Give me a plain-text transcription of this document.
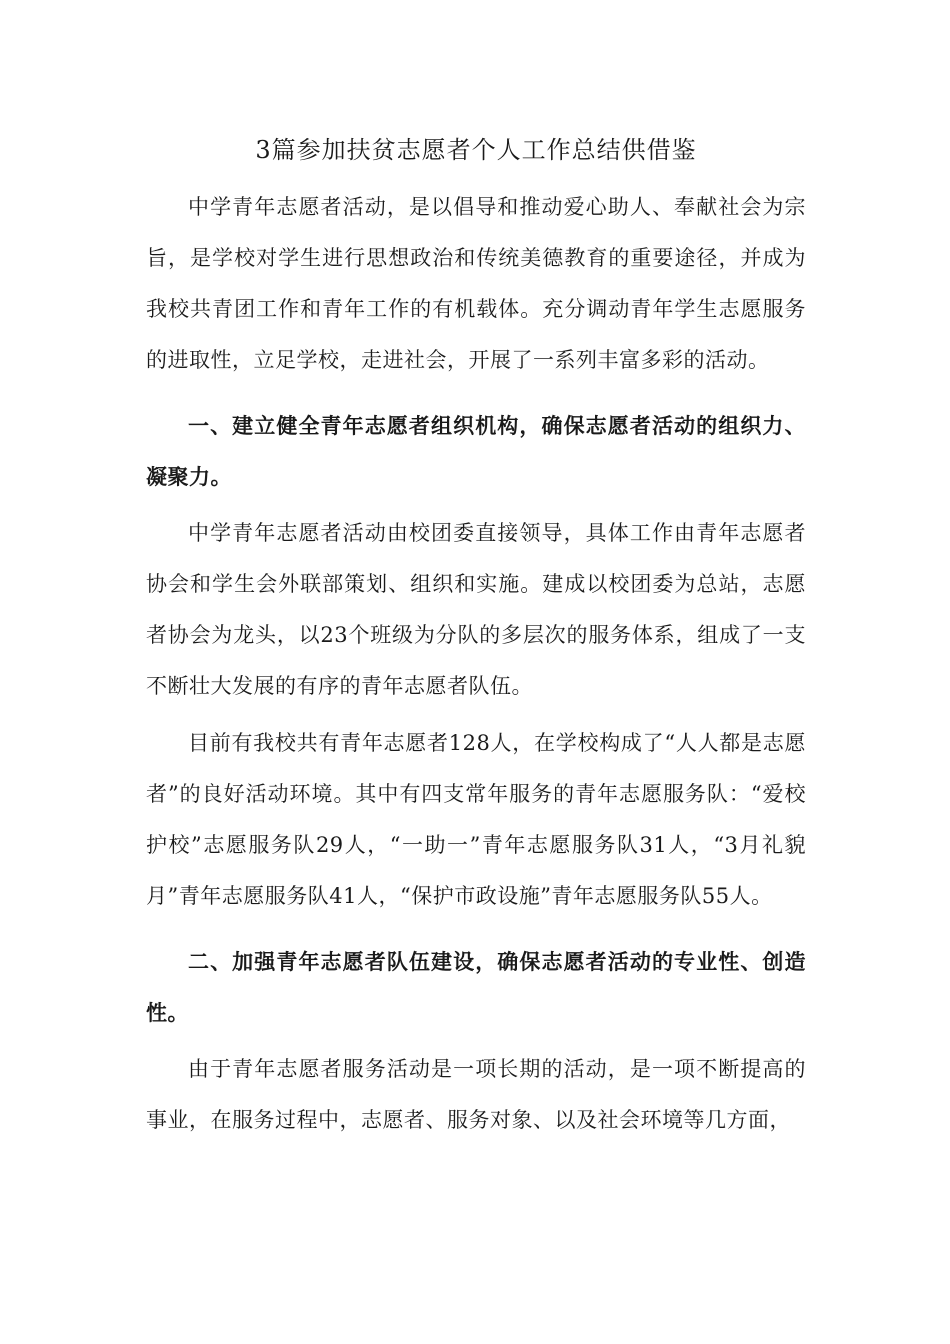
3篇参加扶贫志愿者个人工作总结供借鉴

中学青年志愿者活动，是以倡导和推动爱心助人、奉献社会为宗旨，是学校对学生进行思想政治和传统美德教育的重要途径，并成为我校共青团工作和青年工作的有机载体。充分调动青年学生志愿服务的进取性，立足学校，走进社会，开展了一系列丰富多彩的活动。

一、建立健全青年志愿者组织机构，确保志愿者活动的组织力、凝聚力。

中学青年志愿者活动由校团委直接领导，具体工作由青年志愿者协会和学生会外联部策划、组织和实施。建成以校团委为总站，志愿者协会为龙头，以23个班级为分队的多层次的服务体系，组成了一支不断壮大发展的有序的青年志愿者队伍。

目前有我校共有青年志愿者128人，在学校构成了“人人都是志愿者”的良好活动环境。其中有四支常年服务的青年志愿服务队：“爱校护校”志愿服务队29人，“一助一”青年志愿服务队31人，“3月礼貌月”青年志愿服务队41人，“保护市政设施”青年志愿服务队55人。

二、加强青年志愿者队伍建设，确保志愿者活动的专业性、创造性。

由于青年志愿者服务活动是一项长期的活动，是一项不断提高的事业，在服务过程中，志愿者、服务对象、以及社会环境等几方面，
